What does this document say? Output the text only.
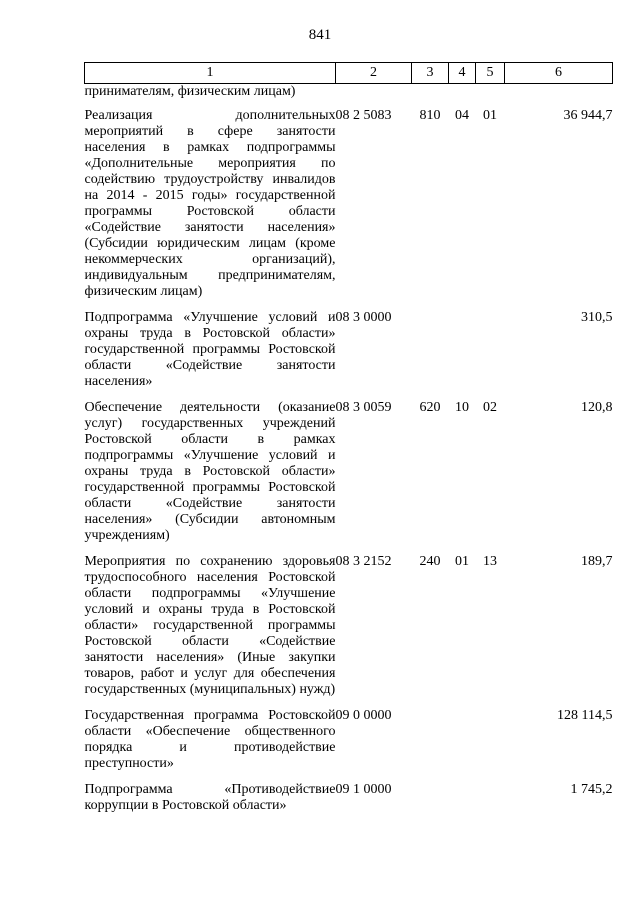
841
1	2	3	4	5	6
принимателям, физическим лицам)					
Реализация дополнительных мероприятий в сфере занятости населения в рамках подпрограммы «Дополнительные мероприятия по содействию трудоустройству инвалидов на 2014 - 2015 годы» государственной программы Ростовской области «Содействие занятости населения» (Субсидии юридическим лицам (кроме некоммерческих организаций), индивидуальным предпринимателям, физическим лицам)	08 2 5083	810	04	01	36 944,7
Подпрограмма «Улучшение условий и охраны труда в Ростовской области» государственной программы Ростовской области «Содействие занятости населения»	08 3 0000				310,5
Обеспечение деятельности (оказание услуг) государственных учреждений Ростовской области в рамках подпрограммы «Улучшение условий и охраны труда в Ростовской области» государственной программы Ростовской области «Содействие занятости населения» (Субсидии автономным учреждениям)	08 3 0059	620	10	02	120,8
Мероприятия по сохранению здоровья трудоспособного населения Ростовской области подпрограммы «Улучшение условий и охраны труда в Ростовской области» государственной программы Ростовской области «Содействие занятости населения» (Иные закупки товаров, работ и услуг для обеспечения государственных (муниципальных) нужд)	08 3 2152	240	01	13	189,7
Государственная программа Ростовской области «Обеспечение общественного порядка и противодействие преступности»	09 0 0000				128 114,5
Подпрограмма «Противодействие коррупции в Ростовской области»	09 1 0000				1 745,2
